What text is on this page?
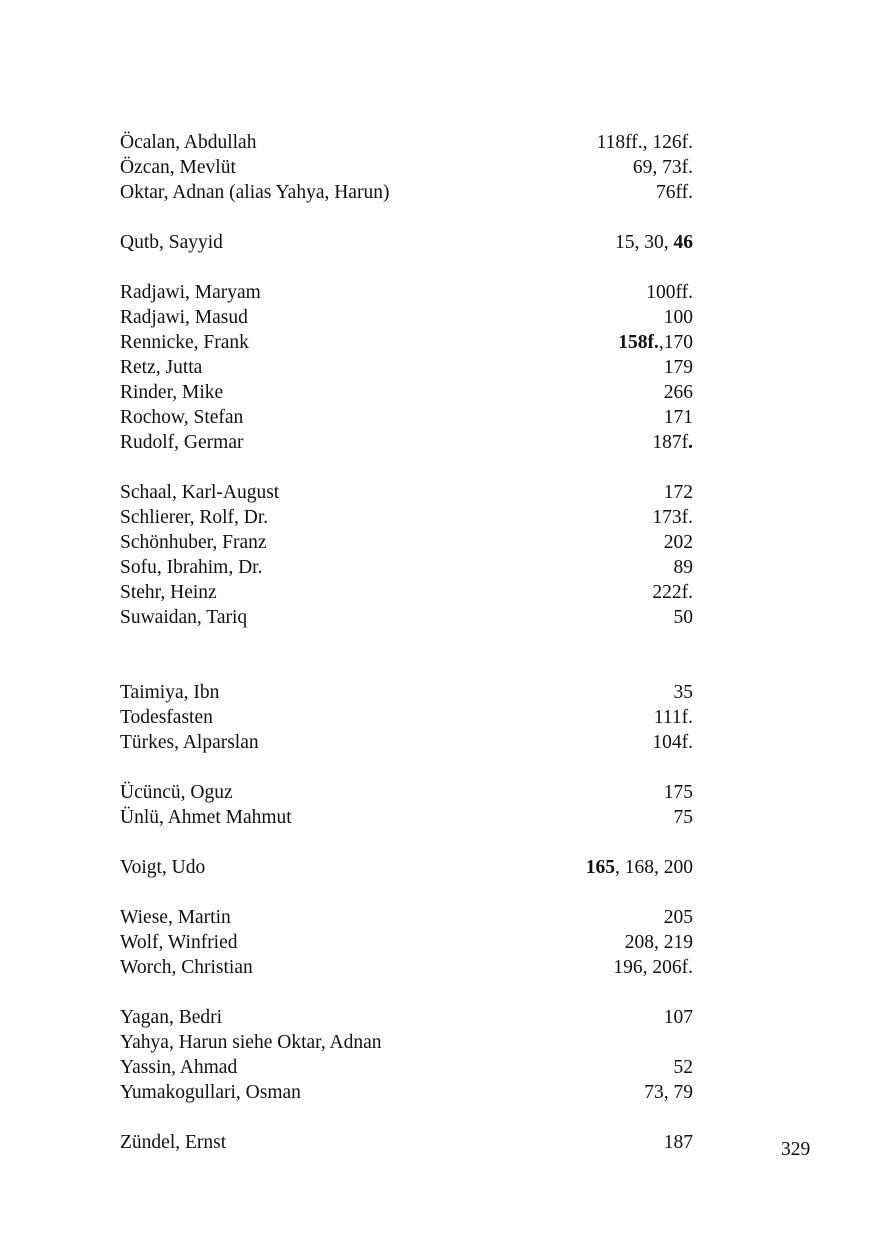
Öcalan, Abdullah	118ff., 126f.
Özcan, Mevlüt	69, 73f.
Oktar, Adnan (alias Yahya, Harun)	76ff.
Qutb, Sayyid	15, 30, 46
Radjawi, Maryam	100ff.
Radjawi, Masud	100
Rennicke, Frank	158f.,170
Retz, Jutta	179
Rinder, Mike	266
Rochow, Stefan	171
Rudolf, Germar	187f.
Schaal, Karl-August	172
Schlierer, Rolf, Dr.	173f.
Schönhuber, Franz	202
Sofu, Ibrahim, Dr.	89
Stehr, Heinz	222f.
Suwaidan, Tariq	50
Taimiya, Ibn	35
Todesfasten	111f.
Türkes, Alparslan	104f.
Ücüncü, Oguz	175
Ünlü, Ahmet Mahmut	75
Voigt, Udo	165, 168, 200
Wiese, Martin	205
Wolf, Winfried	208, 219
Worch, Christian	196, 206f.
Yagan, Bedri	107
Yahya, Harun siehe Oktar, Adnan
Yassin, Ahmad	52
Yumakogullari, Osman	73, 79
Zündel, Ernst	187	329
